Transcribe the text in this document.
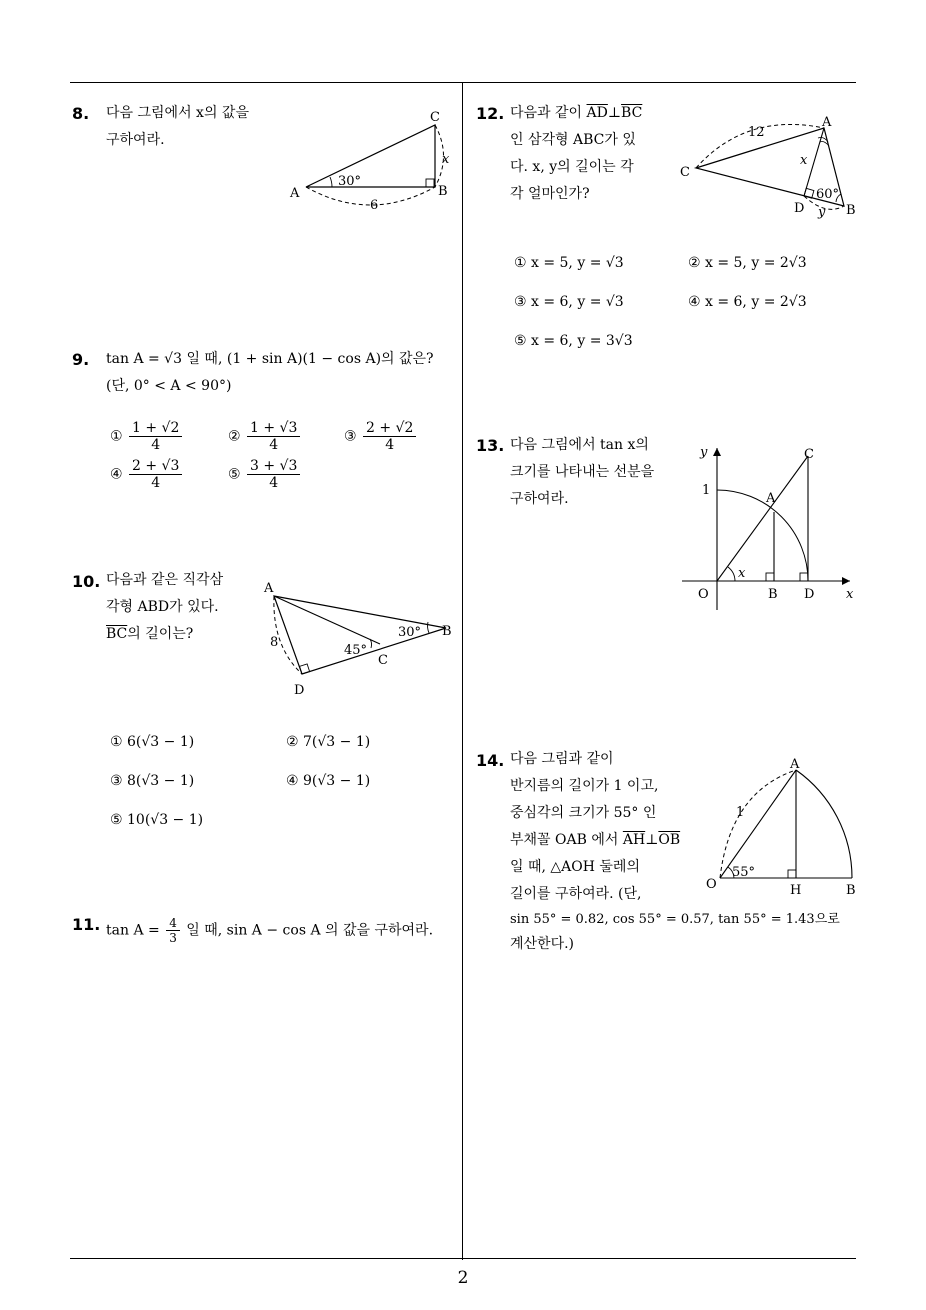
2
8. 다음 그림에서 x의 값을
구하여라.
A	B
C
30°
6
x
9. tan A = √3 일 때, (1 + sin A)(1 − cos A)의 값은?
(단, 0° < A < 90°)
① $\frac{1 + √2}{4}$	② $\frac{1 + √3}{4}$	③ $\frac{2 + √2}{4}$
④ $\frac{2 + √3}{4}$	⑤ $\frac{3 + √3}{4}$
10. 다음과 같은 직각삼
각형 ABD가 있다.
$\overline{BC}$의 길이는?
A
B
C
D
8
45°
30°
① 6(√3 − 1)	② 7(√3 − 1)
③ 8(√3 − 1)	④ 9(√3 − 1)
⑤ 10(√3 − 1)
11. $\tan A = \frac{4}{3}$ 일 때, sin A − cos A 의 값을 구하여라.
12. 다음과 같이 $\overline{AD}\perp\overline{BC}$
인 삼각형 ABC가 있
다. x, y의 길이는 각
각 얼마인가?
A
B
C
D
12
x
y
60°
① x = 5, y = √3	② x = 5, y = 2√3
③ x = 6, y = √3	④ x = 6, y = 2√3
⑤ x = 6, y = 3√3
13. 다음 그림에서 tan x의
크기를 나타내는 선분을
구하여라.
y
x
1
A
C
O	B D
x
14. 다음 그림과 같이
반지름의 길이가 1 이고,
중심각의 크기가 55° 인
부채꼴 OAB 에서 $\overline{AH}\perp\overline{OB}$
일 때, △AOH 둘레의
길이를 구하여라. (단,
sin 55° = 0.82, cos 55° = 0.57, tan 55° = 1.43으로
계산한다.)
A
O	H	B
1
55°
